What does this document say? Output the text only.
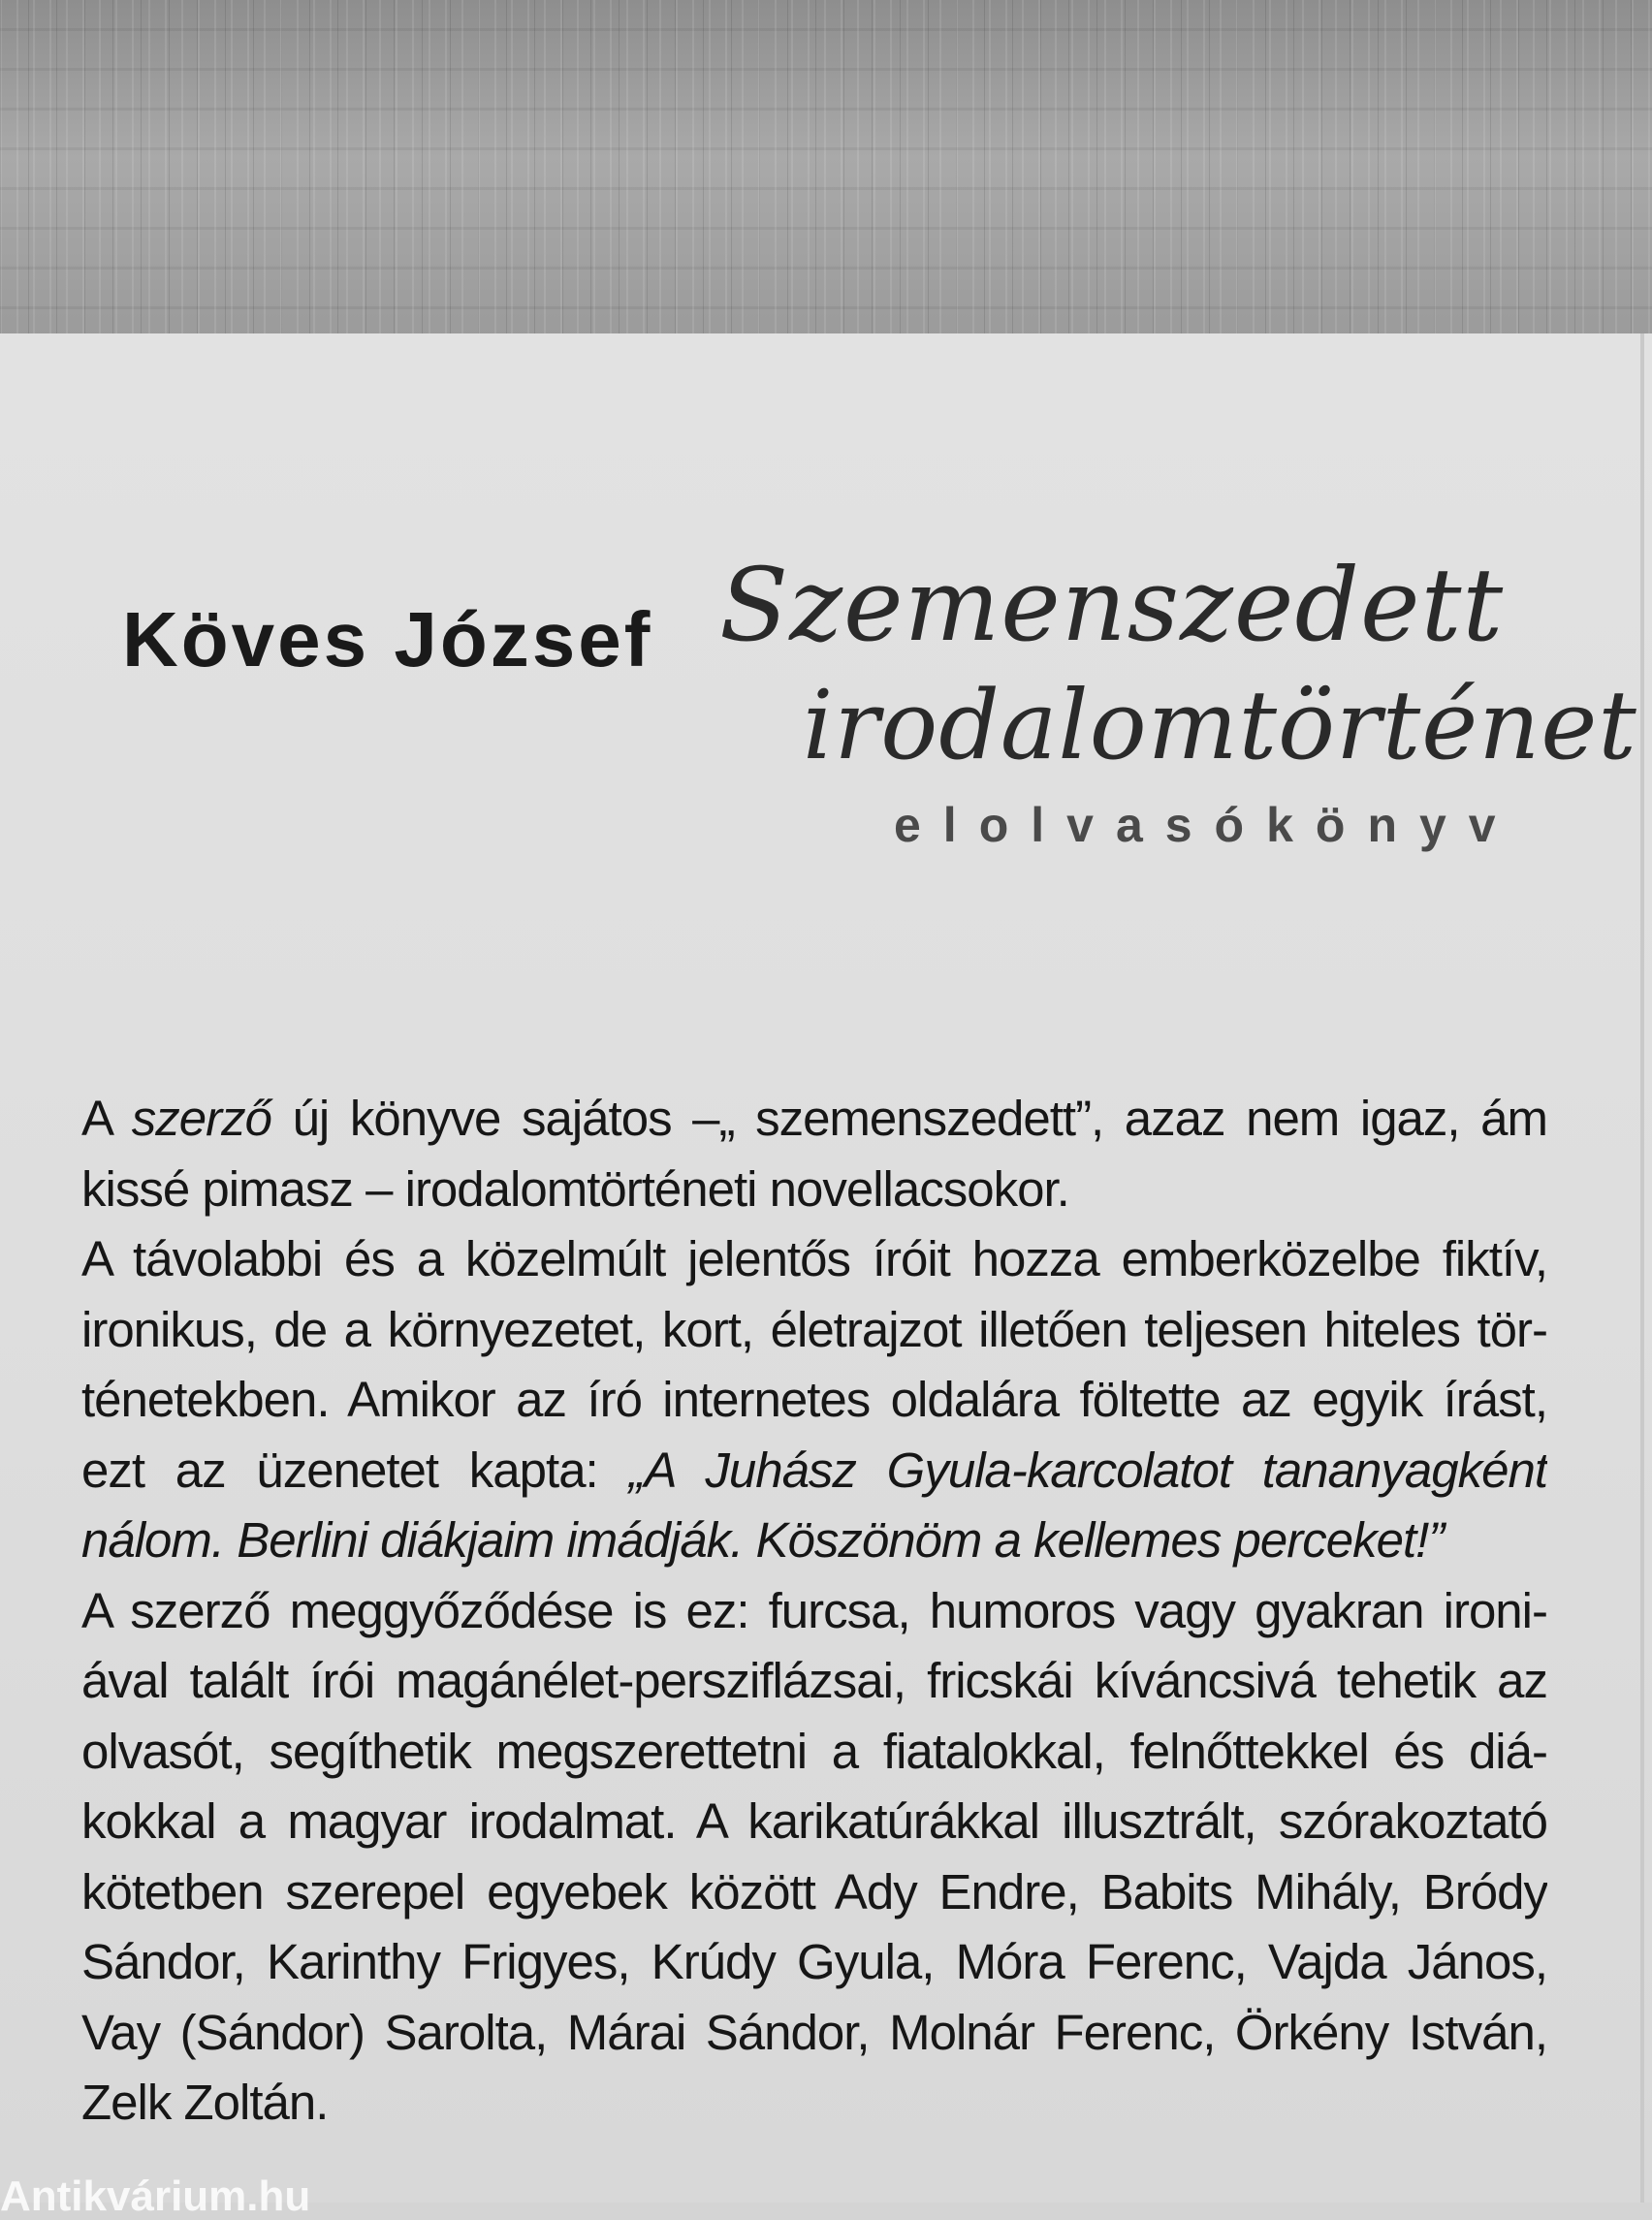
Köves József Szemenszedett
irodalomtörténet
elolvasókönyv
A szerző új könyve sajátos –„ szemenszedett”, azaz nem igaz, ám
kissé pimasz – irodalomtörténeti novellacsokor.
A távolabbi és a közelmúlt jelentős íróit hozza emberközelbe fiktív,
ironikus, de a környezetet, kort, életrajzot illetően teljesen hiteles tör-
ténetekben. Amikor az író internetes oldalára föltette az egyik írást,
ezt az üzenetet kapta: „A Juhász Gyula-karcolatot tananyagként
nálom. Berlini diákjaim imádják. Köszönöm a kellemes perceket!”
A szerző meggyőződése is ez: furcsa, humoros vagy gyakran ironi-
ával talált írói magánélet-persziflázsai, fricskái kíváncsivá tehetik az
olvasót, segíthetik megszerettetni a fiatalokkal, felnőttekkel és diá-
kokkal a magyar irodalmat. A karikatúrákkal illusztrált, szórakoztató
kötetben szerepel egyebek között Ady Endre, Babits Mihály, Bródy
Sándor, Karinthy Frigyes, Krúdy Gyula, Móra Ferenc, Vajda János,
Vay (Sándor) Sarolta, Márai Sándor, Molnár Ferenc, Örkény István,
Zelk Zoltán.
Antikvárium.hu
